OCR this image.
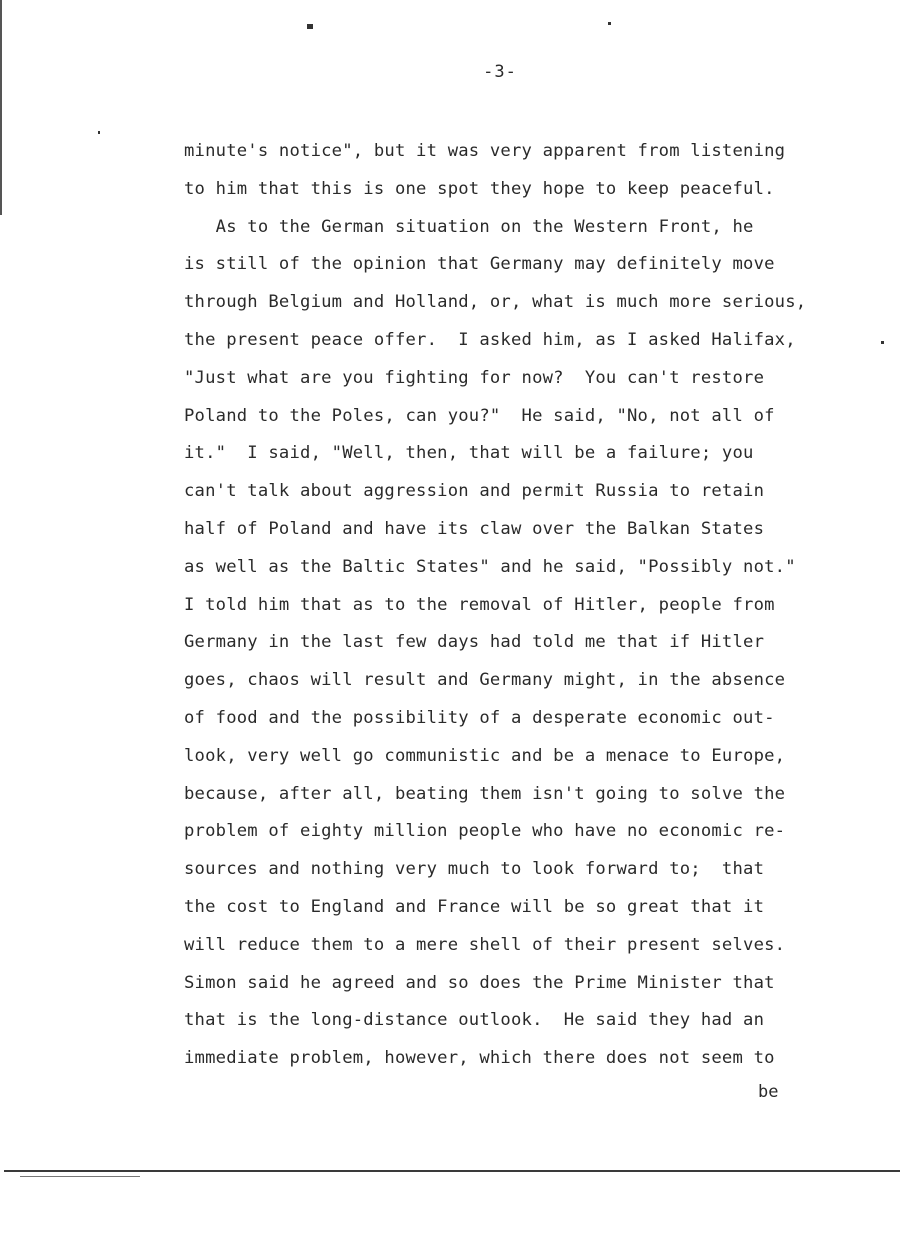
-3-
minute's notice", but it was very apparent from listening
to him that this is one spot they hope to keep peaceful.
As to the German situation on the Western Front, he
is still of the opinion that Germany may definitely move
through Belgium and Holland, or, what is much more serious,
the present peace offer.  I asked him, as I asked Halifax,
"Just what are you fighting for now?  You can't restore
Poland to the Poles, can you?"  He said, "No, not all of
it."  I said, "Well, then, that will be a failure; you
can't talk about aggression and permit Russia to retain
half of Poland and have its claw over the Balkan States
as well as the Baltic States" and he said, "Possibly not."
I told him that as to the removal of Hitler, people from
Germany in the last few days had told me that if Hitler
goes, chaos will result and Germany might, in the absence
of food and the possibility of a desperate economic out-
look, very well go communistic and be a menace to Europe,
because, after all, beating them isn't going to solve the
problem of eighty million people who have no economic re-
sources and nothing very much to look forward to;  that
the cost to England and France will be so great that it
will reduce them to a mere shell of their present selves.
Simon said he agreed and so does the Prime Minister that
that is the long-distance outlook.  He said they had an
immediate problem, however, which there does not seem to
be
